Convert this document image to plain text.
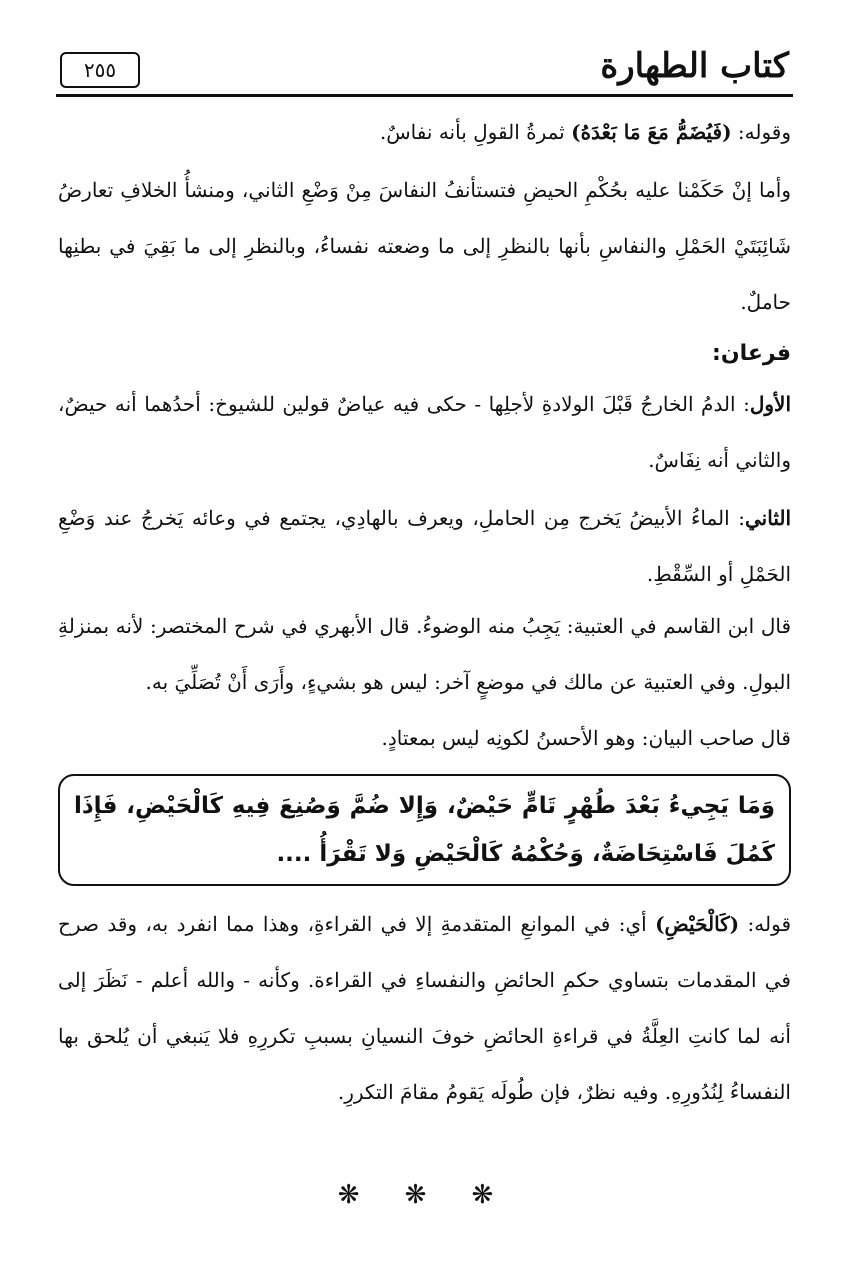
كتاب الطهارة
٢٥٥

وقوله: (فَيُضَمُّ مَعَ مَا بَعْدَهُ) ثمرةُ القولِ بأنه نفاسٌ.

وأما إنْ حَكَمْنا عليه بحُكْمِ الحيضِ فتستأنفُ النفاسَ مِنْ وَضْعِ الثاني، ومنشأُ الخلافِ تعارضُ شَائِبَتَيْ الحَمْلِ والنفاسِ بأنها بالنظرِ إلى ما وضعته نفساءُ، وبالنظرِ إلى ما بَقِيَ في بطنِها حاملٌ.

فرعان:

الأول: الدمُ الخارجُ قَبْلَ الولادةِ لأجلِها - حكى فيه عياضٌ قولين للشيوخ: أحدُهما أنه حيضٌ، والثاني أنه نِفَاسٌ.

الثاني: الماءُ الأبيضُ يَخرج مِن الحاملِ، ويعرف بالهادِي، يجتمع في وعائه يَخرجُ عند وَضْعِ الحَمْلِ أو السِّقْطِ.

قال ابن القاسم في العتبية: يَجِبُ منه الوضوءُ. قال الأبهري في شرح المختصر: لأنه بمنزلةِ البولِ. وفي العتبية عن مالك في موضعٍ آخر: ليس هو بشيءٍ، وأَرَى أَنْ تُصَلِّيَ به.

قال صاحب البيان: وهو الأحسنُ لكونِه ليس بمعتادٍ.

وَمَا يَجِيءُ بَعْدَ طُهْرٍ تَامٍّ حَيْضٌ، وَإِلا ضُمَّ وَصُنِعَ فِيهِ كَالْحَيْضِ، فَإِذَا كَمُلَ فَاسْتِحَاضَةٌ، وَحُكْمُهُ كَالْحَيْضِ وَلا تَقْرَأُ ....

قوله: (كَالْحَيْضِ) أي: في الموانعِ المتقدمةِ إلا في القراءةِ، وهذا مما انفرد به، وقد صرح في المقدمات بتساوي حكمِ الحائضِ والنفساءِ في القراءة. وكأنه - والله أعلم - نَظَرَ إلى أنه لما كانتِ العِلَّةُ في قراءةِ الحائضِ خوفَ النسيانِ بسببِ تكررِهِ فلا يَنبغي أن يُلحق بها النفساءُ لِنُدُورِهِ. وفيه نظرٌ، فإن طُولَه يَقومُ مقامَ التكررِ.

❋ ❋ ❋
